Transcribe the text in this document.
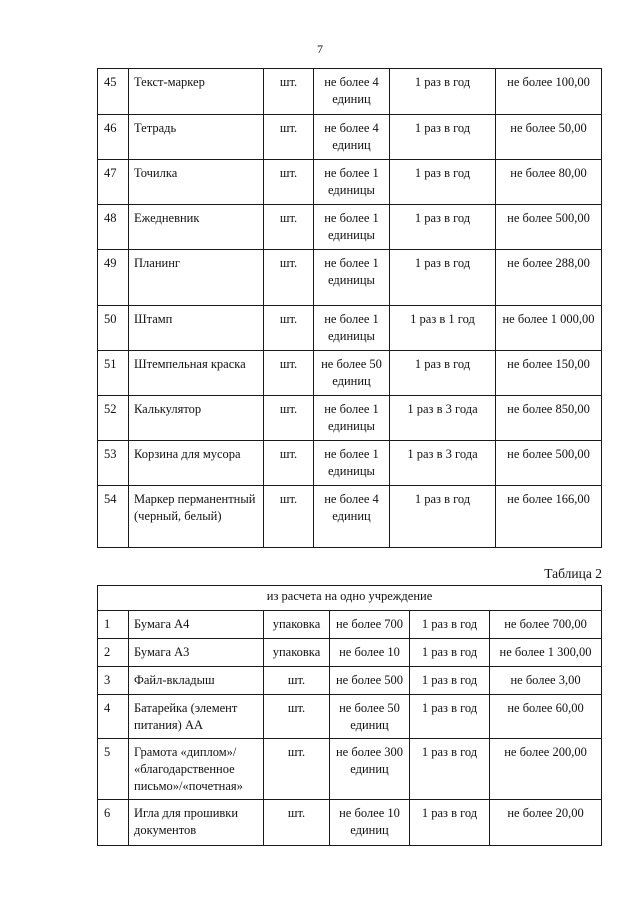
7
45	Текст-маркер	шт.	не более 4 единиц	1 раз в год	не более 100,00
46	Тетрадь	шт.	не более 4 единиц	1 раз в год	не более 50,00
47	Точилка	шт.	не более 1 единицы	1 раз в год	не более 80,00
48	Ежедневник	шт.	не более 1 единицы	1 раз в год	не более 500,00
49	Планинг	шт.	не более 1 единицы	1 раз в год	не более 288,00
50	Штамп	шт.	не более 1 единицы	1 раз в 1 год	не более 1 000,00
51	Штемпельная краска	шт.	не более 50 единиц	1 раз в год	не более 150,00
52	Калькулятор	шт.	не более 1 единицы	1 раз в 3 года	не более 850,00
53	Корзина для мусора	шт.	не более 1 единицы	1 раз в 3 года	не более 500,00
54	Маркер перманентный (черный, белый)	шт.	не более 4 единиц	1 раз в год	не более 166,00
Таблица 2
из расчета на одно учреждение					
1	Бумага А4	упаковка	не более 700	1 раз в год	не более 700,00
2	Бумага А3	упаковка	не более 10	1 раз в год	не более 1 300,00
3	Файл-вкладыш	шт.	не более 500	1 раз в год	не более 3,00
4	Батарейка (элемент питания) АА	шт.	не более 50 единиц	1 раз в год	не более 60,00
5	Грамота «диплом»/ «благодарственное письмо»/«почетная»	шт.	не более 300 единиц	1 раз в год	не более 200,00
6	Игла для прошивки документов	шт.	не более 10 единиц	1 раз в год	не более 20,00
